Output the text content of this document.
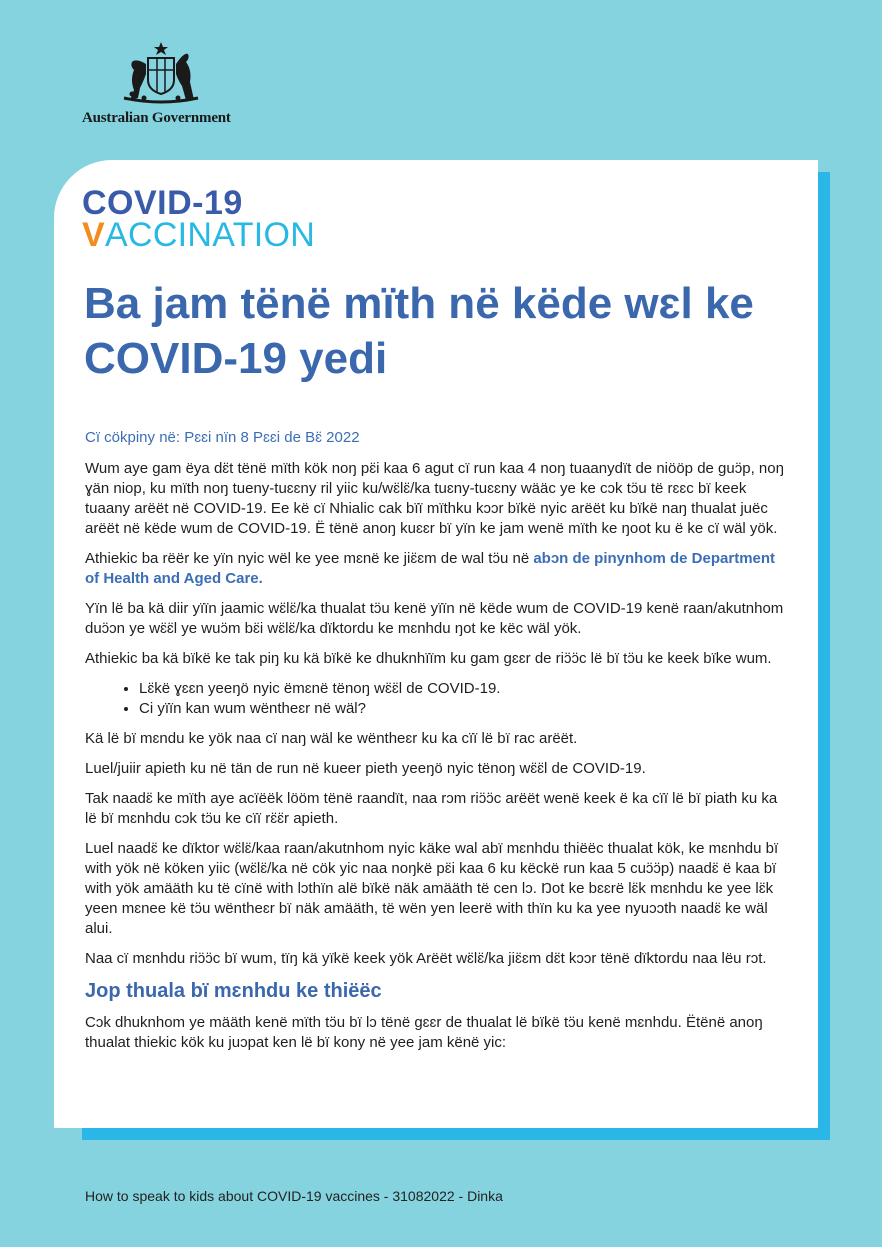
Australian Government
COVID-19
VACCINATION
Ba jam tënë mïth në këde wɛl ke COVID-19 yedi

Cï cökpiny në: Pɛɛi nïn 8 Pɛɛi de Bɛ̈ 2022

Wum aye gam ëya dɛ̈t tënë mïth kök noŋ pɛ̈i kaa 6 agut cï run kaa 4 noŋ tuaanydït de niööp de guɔ̈p, noŋ ɣän niop, ku mïth noŋ tueny-tuɛɛny ril yiic ku/wɛ̈lɛ̈/ka tuɛny-tuɛɛny wääc ye ke cɔk tɔ̈u të rɛɛc bï keek tuaany arëët në COVID-19. Ee kë cï Nhialic cak bïï mïthku kɔɔr bïkë nyic arëët ku bïkë naŋ thualat juëc arëët në këde wum de COVID-19. Ë tënë anoŋ kuɛɛr bï yïn ke jam wenë mïth ke ŋoot ku ë ke cï wäl yök.

Athiekic ba rëër ke yïn nyic wël ke yee mɛnë ke jiɛ̈ɛm de wal tɔ̈u në abɔn de pinynhom de Department of Health and Aged Care.

Yïn lë ba kä diir yïïn jaamic wɛ̈lɛ̈/ka thualat tɔ̈u kenë yïïn në këde wum de COVID-19 kenë raan/akutnhom duɔ̈ɔn ye wɛ̈ɛ̈l ye wuɔ̈m bɛ̈i wɛ̈lɛ̈/ka dïktordu ke mɛnhdu ŋot ke këc wäl yök.

Athiekic ba kä bïkë ke tak piŋ ku kä bïkë ke dhuknhïïm ku gam gɛɛr de riɔ̈ɔ̈c lë bï tɔ̈u ke keek bïke wum.

• Lɛ̈kë ɣɛɛn yeeŋö nyic ëmɛnë tënoŋ wɛ̈ɛ̈l de COVID-19.
• Ci yïïn kan wum wëntheɛr në wäl?

Kä lë bï mɛndu ke yök naa cï naŋ wäl ke wëntheɛr ku ka cïï lë bï rac arëët.

Luel/juiir apieth ku në tän de run në kueer pieth yeeŋö nyic tënoŋ wɛ̈ɛ̈l de COVID-19.

Tak naadɛ̈ ke mïth aye acïëëk lööm tënë raandït, naa rɔm riɔ̈ɔ̈c arëët wenë keek ë ka cïï lë bï piath ku ka lë bï mɛnhdu cɔk tɔ̈u ke cïï rɛ̈ɛ̈r apieth.

Luel naadɛ̈ ke dïktor wɛ̈lɛ̈/kaa raan/akutnhom nyic käke wal abï mɛnhdu thiëëc thualat kök, ke mɛnhdu bï with yök në köken yiic (wɛ̈lɛ̈/ka në cök yic naa noŋkë pɛ̈i kaa 6 ku këckë run kaa 5 cuɔ̈ɔ̈p) naadɛ̈ ë kaa bï with yök amääth ku të cïnë with lɔthïn alë bïkë näk amääth të cen lɔ. Ŋot ke bɛɛrë lɛ̈k mɛnhdu ke yee lɛ̈k yeen mɛnee kë tɔ̈u wëntheɛr bï näk amääth, të wën yen leerë with thïn ku ka yee nyuɔɔth naadɛ̈ ke wäl alui.

Naa cï mɛnhdu riɔ̈ɔ̈c bï wum, tïŋ kä yïkë keek yök Arëët wɛ̈lɛ̈/ka jiɛ̈ɛm dɛ̈t kɔɔr tënë dïktordu naa lëu rɔt.

Jop thuala bï mɛnhdu ke thiëëc

Cɔk dhuknhom ye määth kenë mïth tɔ̈u bï lɔ tënë gɛɛr de thualat lë bïkë tɔ̈u kenë mɛnhdu. Ëtënë anoŋ thualat thiekic kök ku juɔpat ken lë bï kony në yee jam kënë yic:

How to speak to kids about COVID-19 vaccines - 31082022 - Dinka
